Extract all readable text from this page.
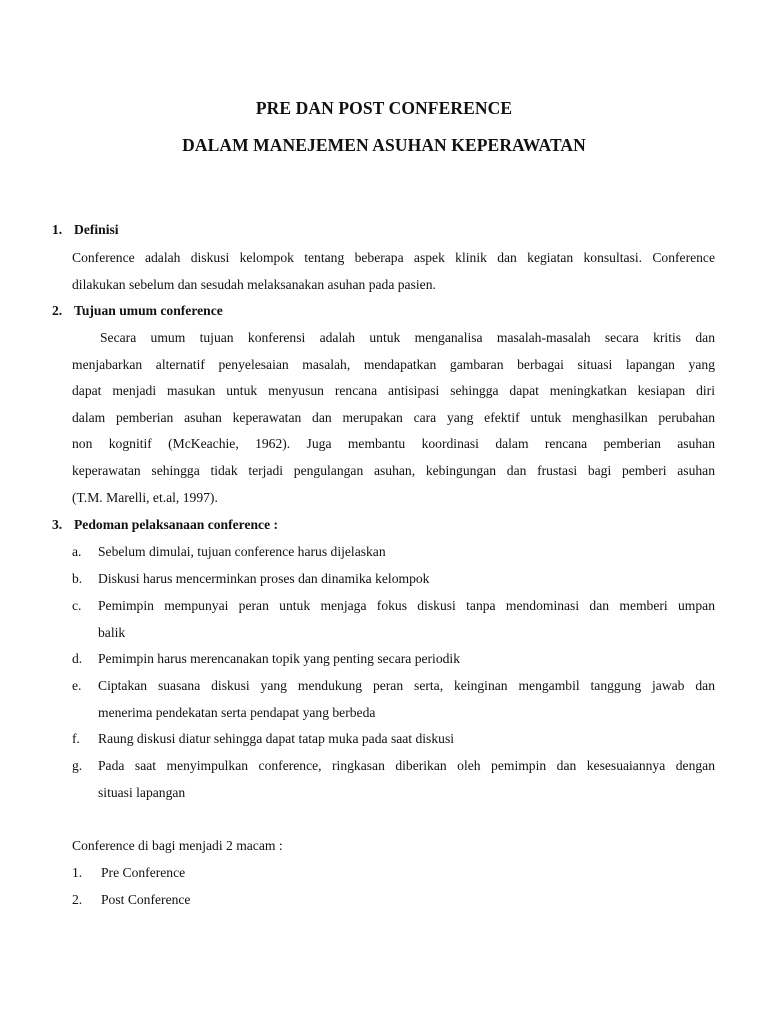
PRE DAN POST CONFERENCE
DALAM MANEJEMEN ASUHAN KEPERAWATAN
1. Definisi
Conference adalah diskusi kelompok tentang beberapa aspek klinik dan kegiatan konsultasi. Conference
dilakukan sebelum dan sesudah melaksanakan asuhan pada pasien.
2. Tujuan umum conference
Secara umum tujuan konferensi adalah untuk menganalisa masalah-masalah secara kritis dan
menjabarkan alternatif penyelesaian masalah, mendapatkan gambaran berbagai situasi lapangan yang
dapat menjadi masukan untuk menyusun rencana antisipasi sehingga dapat meningkatkan kesiapan diri
dalam pemberian asuhan keperawatan dan merupakan cara yang efektif untuk menghasilkan perubahan
non kognitif (McKeachie, 1962). Juga membantu koordinasi dalam rencana pemberian asuhan
keperawatan sehingga tidak terjadi pengulangan asuhan, kebingungan dan frustasi bagi pemberi asuhan
(T.M. Marelli, et.al, 1997).
3. Pedoman pelaksanaan conference :
a.	Sebelum dimulai, tujuan conference harus dijelaskan
b.	Diskusi harus mencerminkan proses dan dinamika kelompok
c.	Pemimpin mempunyai peran untuk menjaga fokus diskusi tanpa mendominasi dan memberi umpan
balik
d.	Pemimpin harus merencanakan topik yang penting secara periodik
e.	Ciptakan suasana diskusi yang mendukung peran serta, keinginan mengambil tanggung jawab dan
menerima pendekatan serta pendapat yang berbeda
f.	Raung diskusi diatur sehingga dapat tatap muka pada saat diskusi
g.	Pada saat menyimpulkan conference, ringkasan diberikan oleh pemimpin dan kesesuaiannya dengan
situasi lapangan
Conference di bagi menjadi 2 macam :
1. Pre Conference
2. Post Conference
